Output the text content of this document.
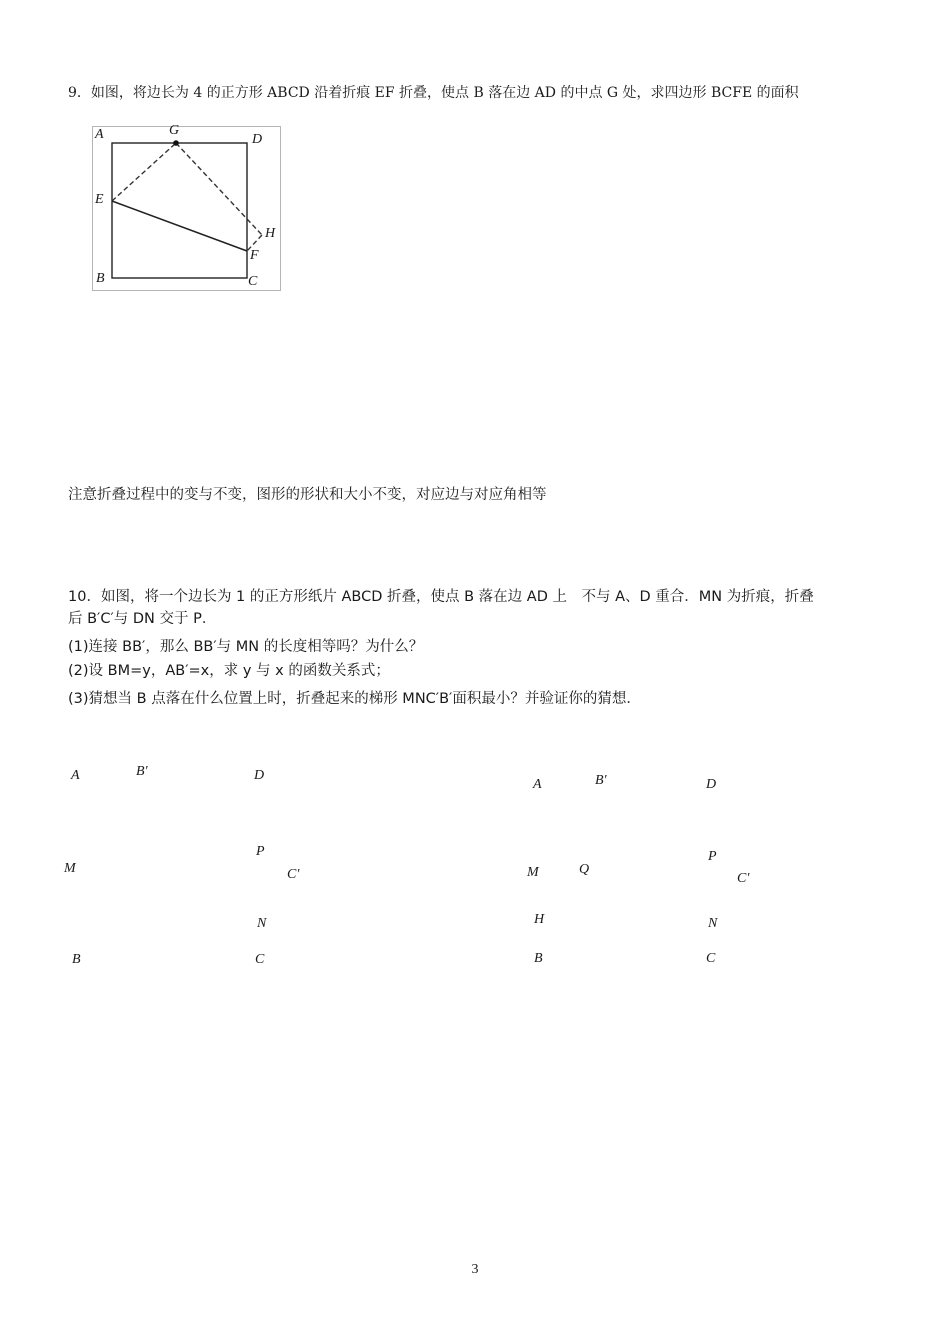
9．如图，将边长为 4 的正方形 ABCD 沿着折痕 EF 折叠，使点 B 落在边 AD 的中点 G 处，求四边形 BCFE 的面积
A	G
D
E
H
F
B	C
注意折叠过程中的变与不变，图形的形状和大小不变，对应边与对应角相等
10．如图，将一个边长为 1 的正方形纸片 ABCD 折叠，使点 B 落在边 AD 上　不与 A、D 重合．MN 为折痕，折叠
后 B′C′与 DN 交于 P．
(1)连接 BB′，那么 BB′与 MN 的长度相等吗？为什么？
(2)设 BM=y，AB′=x，求 y 与 x 的函数关系式；
(3)猜想当 B 点落在什么位置上时，折叠起来的梯形 MNC′B′面积最小？并验证你的猜想．
A	B′	D
P
M	C′
N
B	C
A	B′	D
P
M	Q
C′
H	N
B	C
3
